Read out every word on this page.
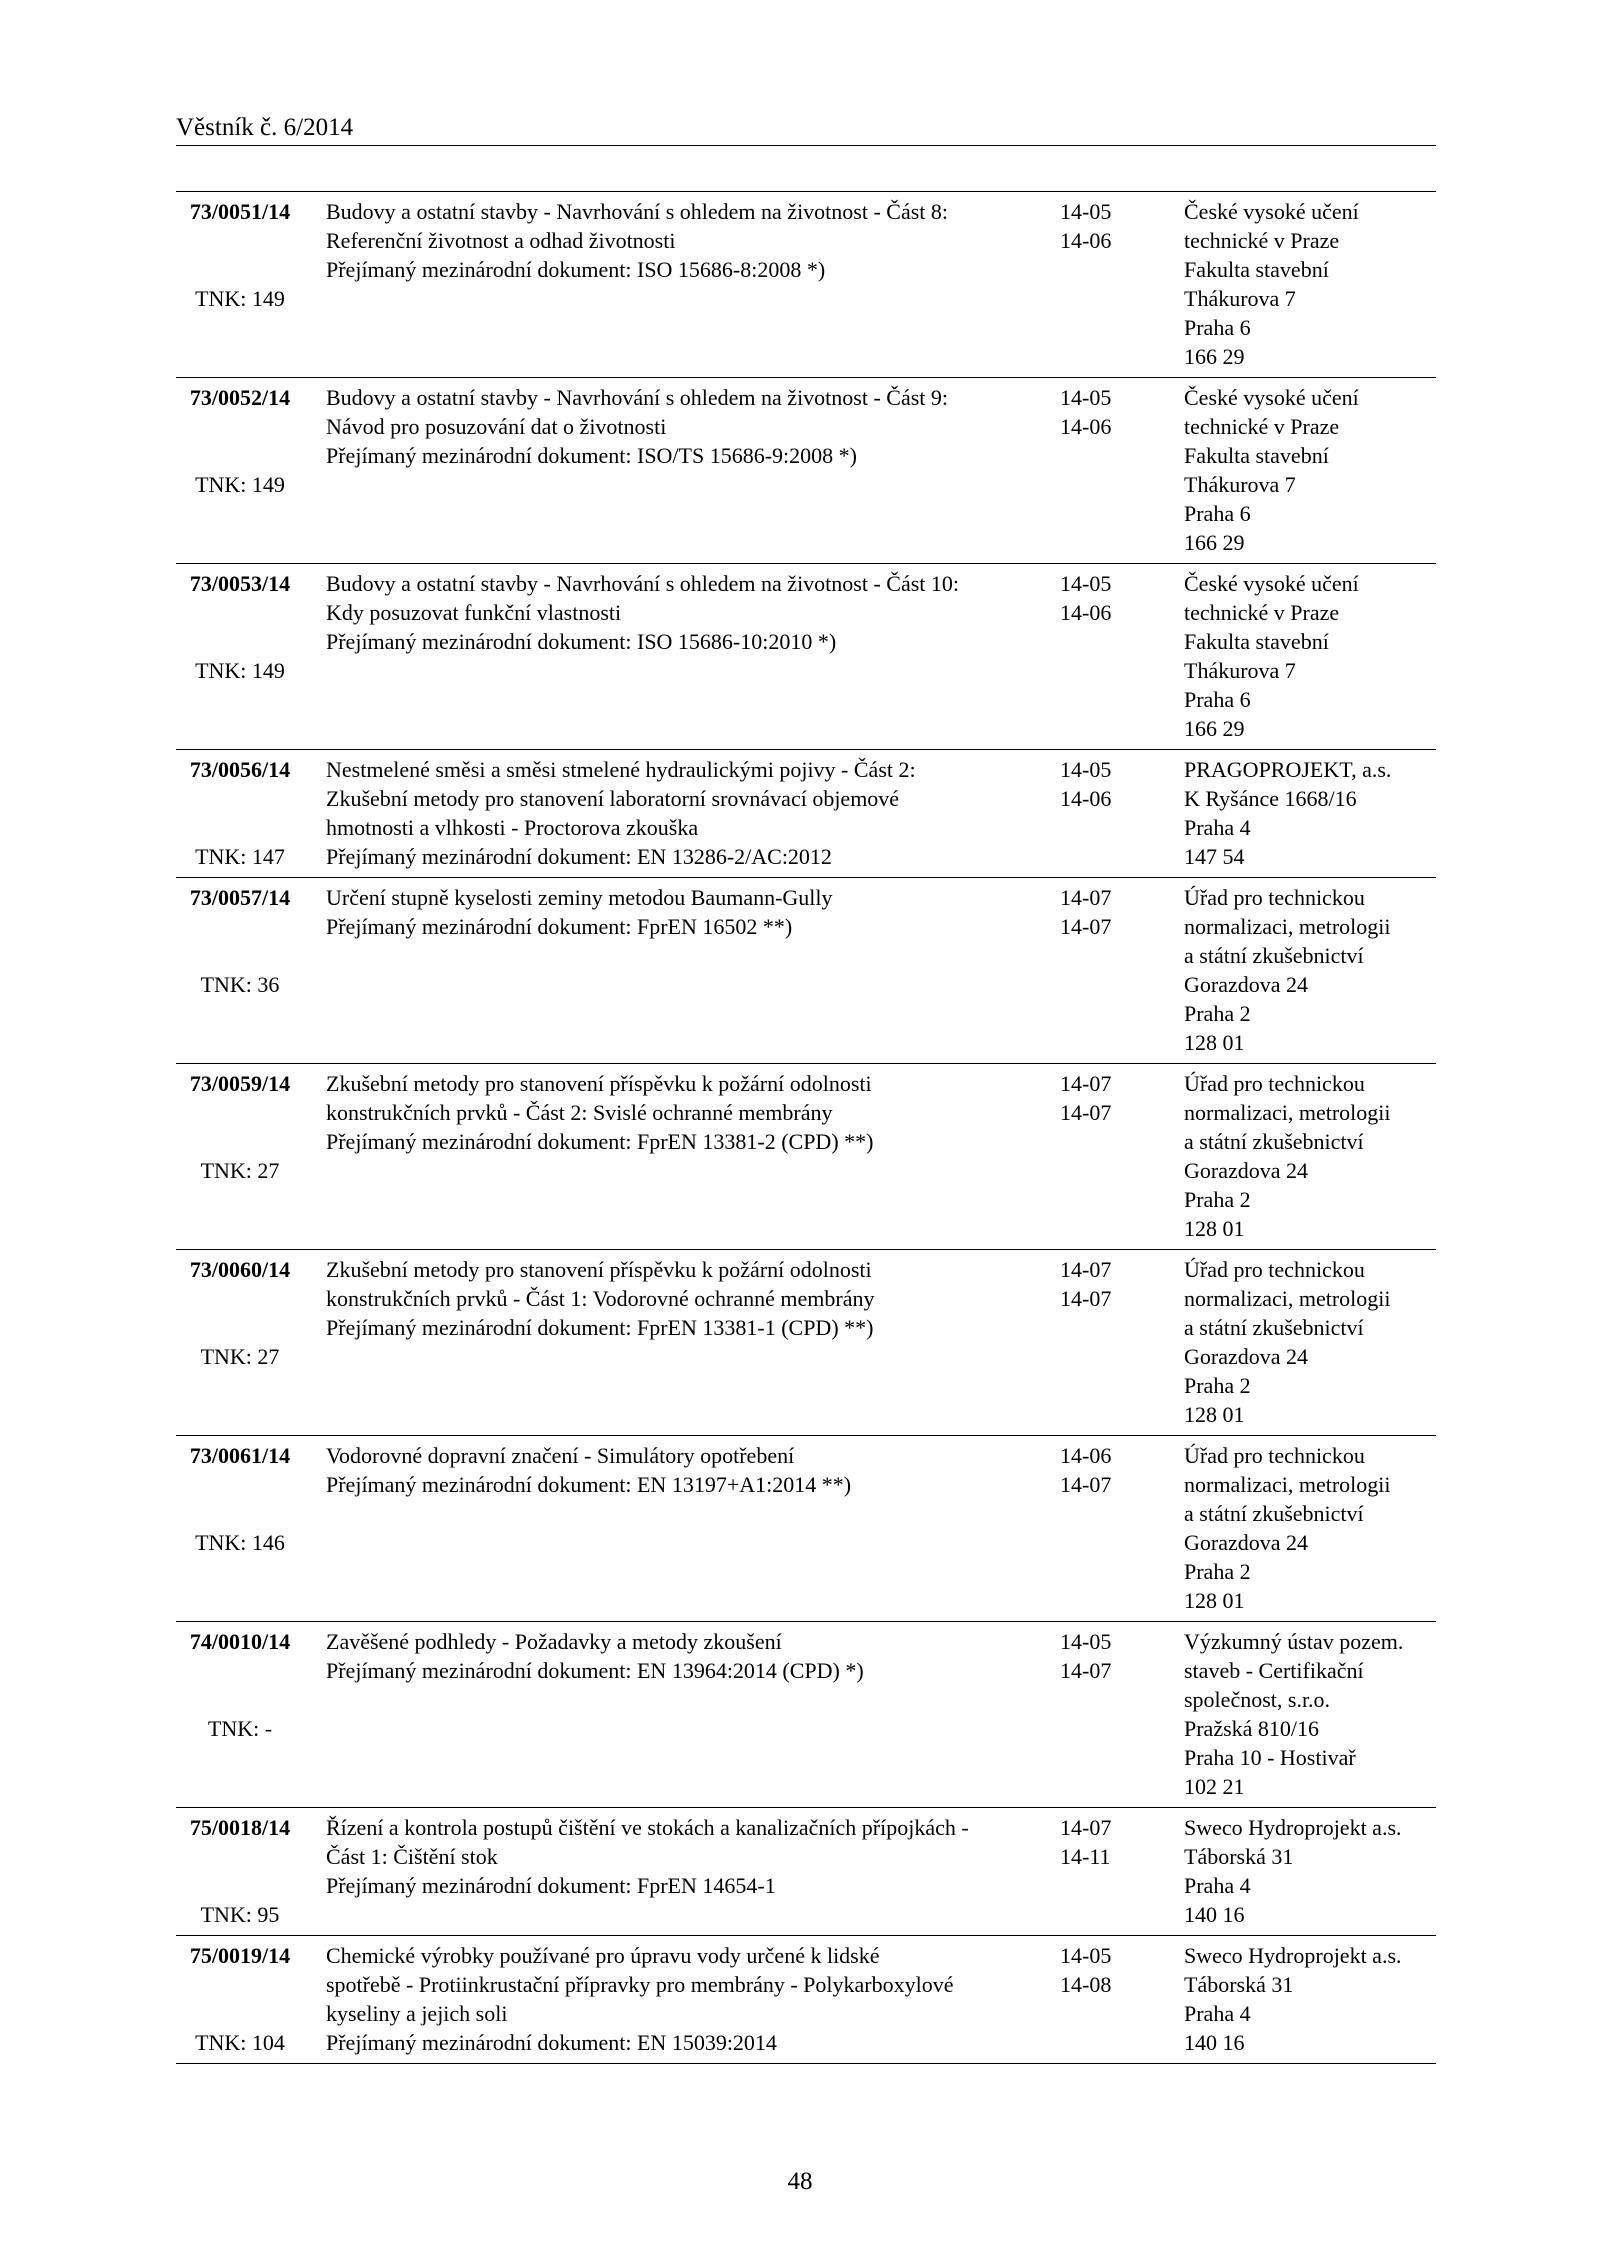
Věstník č. 6/2014
73/0051/14
TNK: 149
Budovy a ostatní stavby - Navrhování s ohledem na životnost - Část 8:
Referenční životnost a odhad životnosti
Přejímaný mezinárodní dokument: ISO 15686-8:2008 *)
14-05
14-06
České vysoké učení
technické v Praze
Fakulta stavební
Thákurova 7
Praha 6
166 29
73/0052/14
TNK: 149
Budovy a ostatní stavby - Navrhování s ohledem na životnost - Část 9:
Návod pro posuzování dat o životnosti
Přejímaný mezinárodní dokument: ISO/TS 15686-9:2008 *)
14-05
14-06
České vysoké učení
technické v Praze
Fakulta stavební
Thákurova 7
Praha 6
166 29
73/0053/14
TNK: 149
Budovy a ostatní stavby - Navrhování s ohledem na životnost - Část 10:
Kdy posuzovat funkční vlastnosti
Přejímaný mezinárodní dokument: ISO 15686-10:2010 *)
14-05
14-06
České vysoké učení
technické v Praze
Fakulta stavební
Thákurova 7
Praha 6
166 29
73/0056/14
TNK: 147
Nestmelené směsi a směsi stmelené hydraulickými pojivy - Část 2:
Zkušební metody pro stanovení laboratorní srovnávací objemové
hmotnosti a vlhkosti - Proctorova zkouška
Přejímaný mezinárodní dokument: EN 13286-2/AC:2012
14-05
14-06
PRAGOPROJEKT, a.s.
K Ryšánce 1668/16
Praha 4
147 54
73/0057/14
TNK: 36
Určení stupně kyselosti zeminy metodou Baumann-Gully
Přejímaný mezinárodní dokument: FprEN 16502 **)
14-07
14-07
Úřad pro technickou
normalizaci, metrologii
a státní zkušebnictví
Gorazdova 24
Praha 2
128 01
73/0059/14
TNK: 27
Zkušební metody pro stanovení příspěvku k požární odolnosti
konstrukčních prvků - Část 2: Svislé ochranné membrány
Přejímaný mezinárodní dokument: FprEN 13381-2 (CPD) **)
14-07
14-07
Úřad pro technickou
normalizaci, metrologii
a státní zkušebnictví
Gorazdova 24
Praha 2
128 01
73/0060/14
TNK: 27
Zkušební metody pro stanovení příspěvku k požární odolnosti
konstrukčních prvků - Část 1: Vodorovné ochranné membrány
Přejímaný mezinárodní dokument: FprEN 13381-1 (CPD) **)
14-07
14-07
Úřad pro technickou
normalizaci, metrologii
a státní zkušebnictví
Gorazdova 24
Praha 2
128 01
73/0061/14
TNK: 146
Vodorovné dopravní značení - Simulátory opotřebení
Přejímaný mezinárodní dokument: EN 13197+A1:2014 **)
14-06
14-07
Úřad pro technickou
normalizaci, metrologii
a státní zkušebnictví
Gorazdova 24
Praha 2
128 01
74/0010/14
TNK: -
Zavěšené podhledy - Požadavky a metody zkoušení
Přejímaný mezinárodní dokument: EN 13964:2014 (CPD) *)
14-05
14-07
Výzkumný ústav pozem.
staveb - Certifikační
společnost, s.r.o.
Pražská 810/16
Praha 10 - Hostivař
102 21
75/0018/14
TNK: 95
Řízení a kontrola postupů čištění ve stokách a kanalizačních přípojkách -
Část 1: Čištění stok
Přejímaný mezinárodní dokument: FprEN 14654-1
14-07
14-11
Sweco Hydroprojekt a.s.
Táborská 31
Praha 4
140 16
75/0019/14
TNK: 104
Chemické výrobky používané pro úpravu vody určené k lidské
spotřebě - Protiinkrustační přípravky pro membrány - Polykarboxylové
kyseliny a jejich soli
Přejímaný mezinárodní dokument: EN 15039:2014
14-05
14-08
Sweco Hydroprojekt a.s.
Táborská 31
Praha 4
140 16
48
